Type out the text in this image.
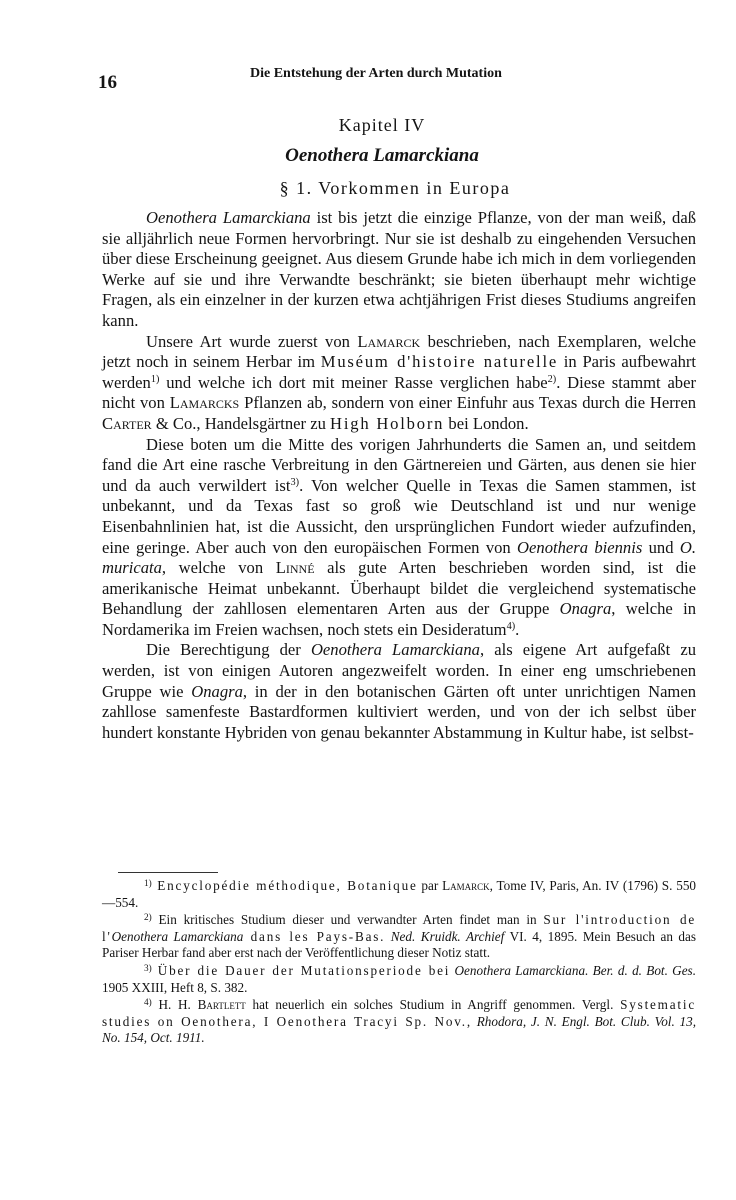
16	Die Entstehung der Arten durch Mutation
Kapitel IV
Oenothera Lamarckiana
§ 1. Vorkommen in Europa

Oenothera Lamarckiana ist bis jetzt die einzige Pflanze, von der man weiß, daß sie alljährlich neue Formen hervorbringt. Nur sie ist deshalb zu eingehenden Versuchen über diese Erscheinung geeignet. Aus diesem Grunde habe ich mich in dem vorliegenden Werke auf sie und ihre Verwandte beschränkt; sie bieten überhaupt mehr wichtige Fragen, als ein einzelner in der kurzen etwa achtjährigen Frist dieses Studiums angreifen kann.

Unsere Art wurde zuerst von Lamarck beschrieben, nach Exemplaren, welche jetzt noch in seinem Herbar im Muséum d'histoire naturelle in Paris aufbewahrt werden$^{1)}$ und welche ich dort mit meiner Rasse verglichen habe$^{2)}$. Diese stammt aber nicht von Lamarcks Pflanzen ab, sondern von einer Einfuhr aus Texas durch die Herren Carter & Co., Handelsgärtner zu High Holborn bei London.

Diese boten um die Mitte des vorigen Jahrhunderts die Samen an, und seitdem fand die Art eine rasche Verbreitung in den Gärtnereien und Gärten, aus denen sie hier und da auch verwildert ist$^{3)}$. Von welcher Quelle in Texas die Samen stammen, ist unbekannt, und da Texas fast so groß wie Deutschland ist und nur wenige Eisenbahnlinien hat, ist die Aussicht, den ursprünglichen Fundort wieder aufzufinden, eine geringe. Aber auch von den europäischen Formen von Oenothera biennis und O. muricata, welche von Linné als gute Arten beschrieben worden sind, ist die amerikanische Heimat unbekannt. Überhaupt bildet die vergleichend systematische Behandlung der zahllosen elementaren Arten aus der Gruppe Onagra, welche in Nordamerika im Freien wachsen, noch stets ein Desideratum$^{4)}$.

Die Berechtigung der Oenothera Lamarckiana, als eigene Art aufgefaßt zu werden, ist von einigen Autoren angezweifelt worden. In einer eng umschriebenen Gruppe wie Onagra, in der in den botanischen Gärten oft unter unrichtigen Namen zahllose samenfeste Bastardformen kultiviert werden, und von der ich selbst über hundert konstante Hybriden von genau bekannter Abstammung in Kultur habe, ist selbst-

$^{1)}$ Encyclopédie méthodique, Botanique par Lamarck, Tome IV, Paris, An. IV (1796) S. 550—554.

$^{2)}$ Ein kritisches Studium dieser und verwandter Arten findet man in Sur l'introduction de l'Oenothera Lamarckiana dans les Pays-Bas. Ned. Kruidk. Archief VI. 4, 1895. Mein Besuch an das Pariser Herbar fand aber erst nach der Veröffentlichung dieser Notiz statt.

$^{3)}$ Über die Dauer der Mutationsperiode bei Oenothera Lamarckiana. Ber. d. d. Bot. Ges. 1905 XXIII, Heft 8, S. 382.

$^{4)}$ H. H. Bartlett hat neuerlich ein solches Studium in Angriff genommen. Vergl. Systematic studies on Oenothera, I Oenothera Tracyi Sp. Nov., Rhodora, J. N. Engl. Bot. Club. Vol. 13, No. 154, Oct. 1911.
